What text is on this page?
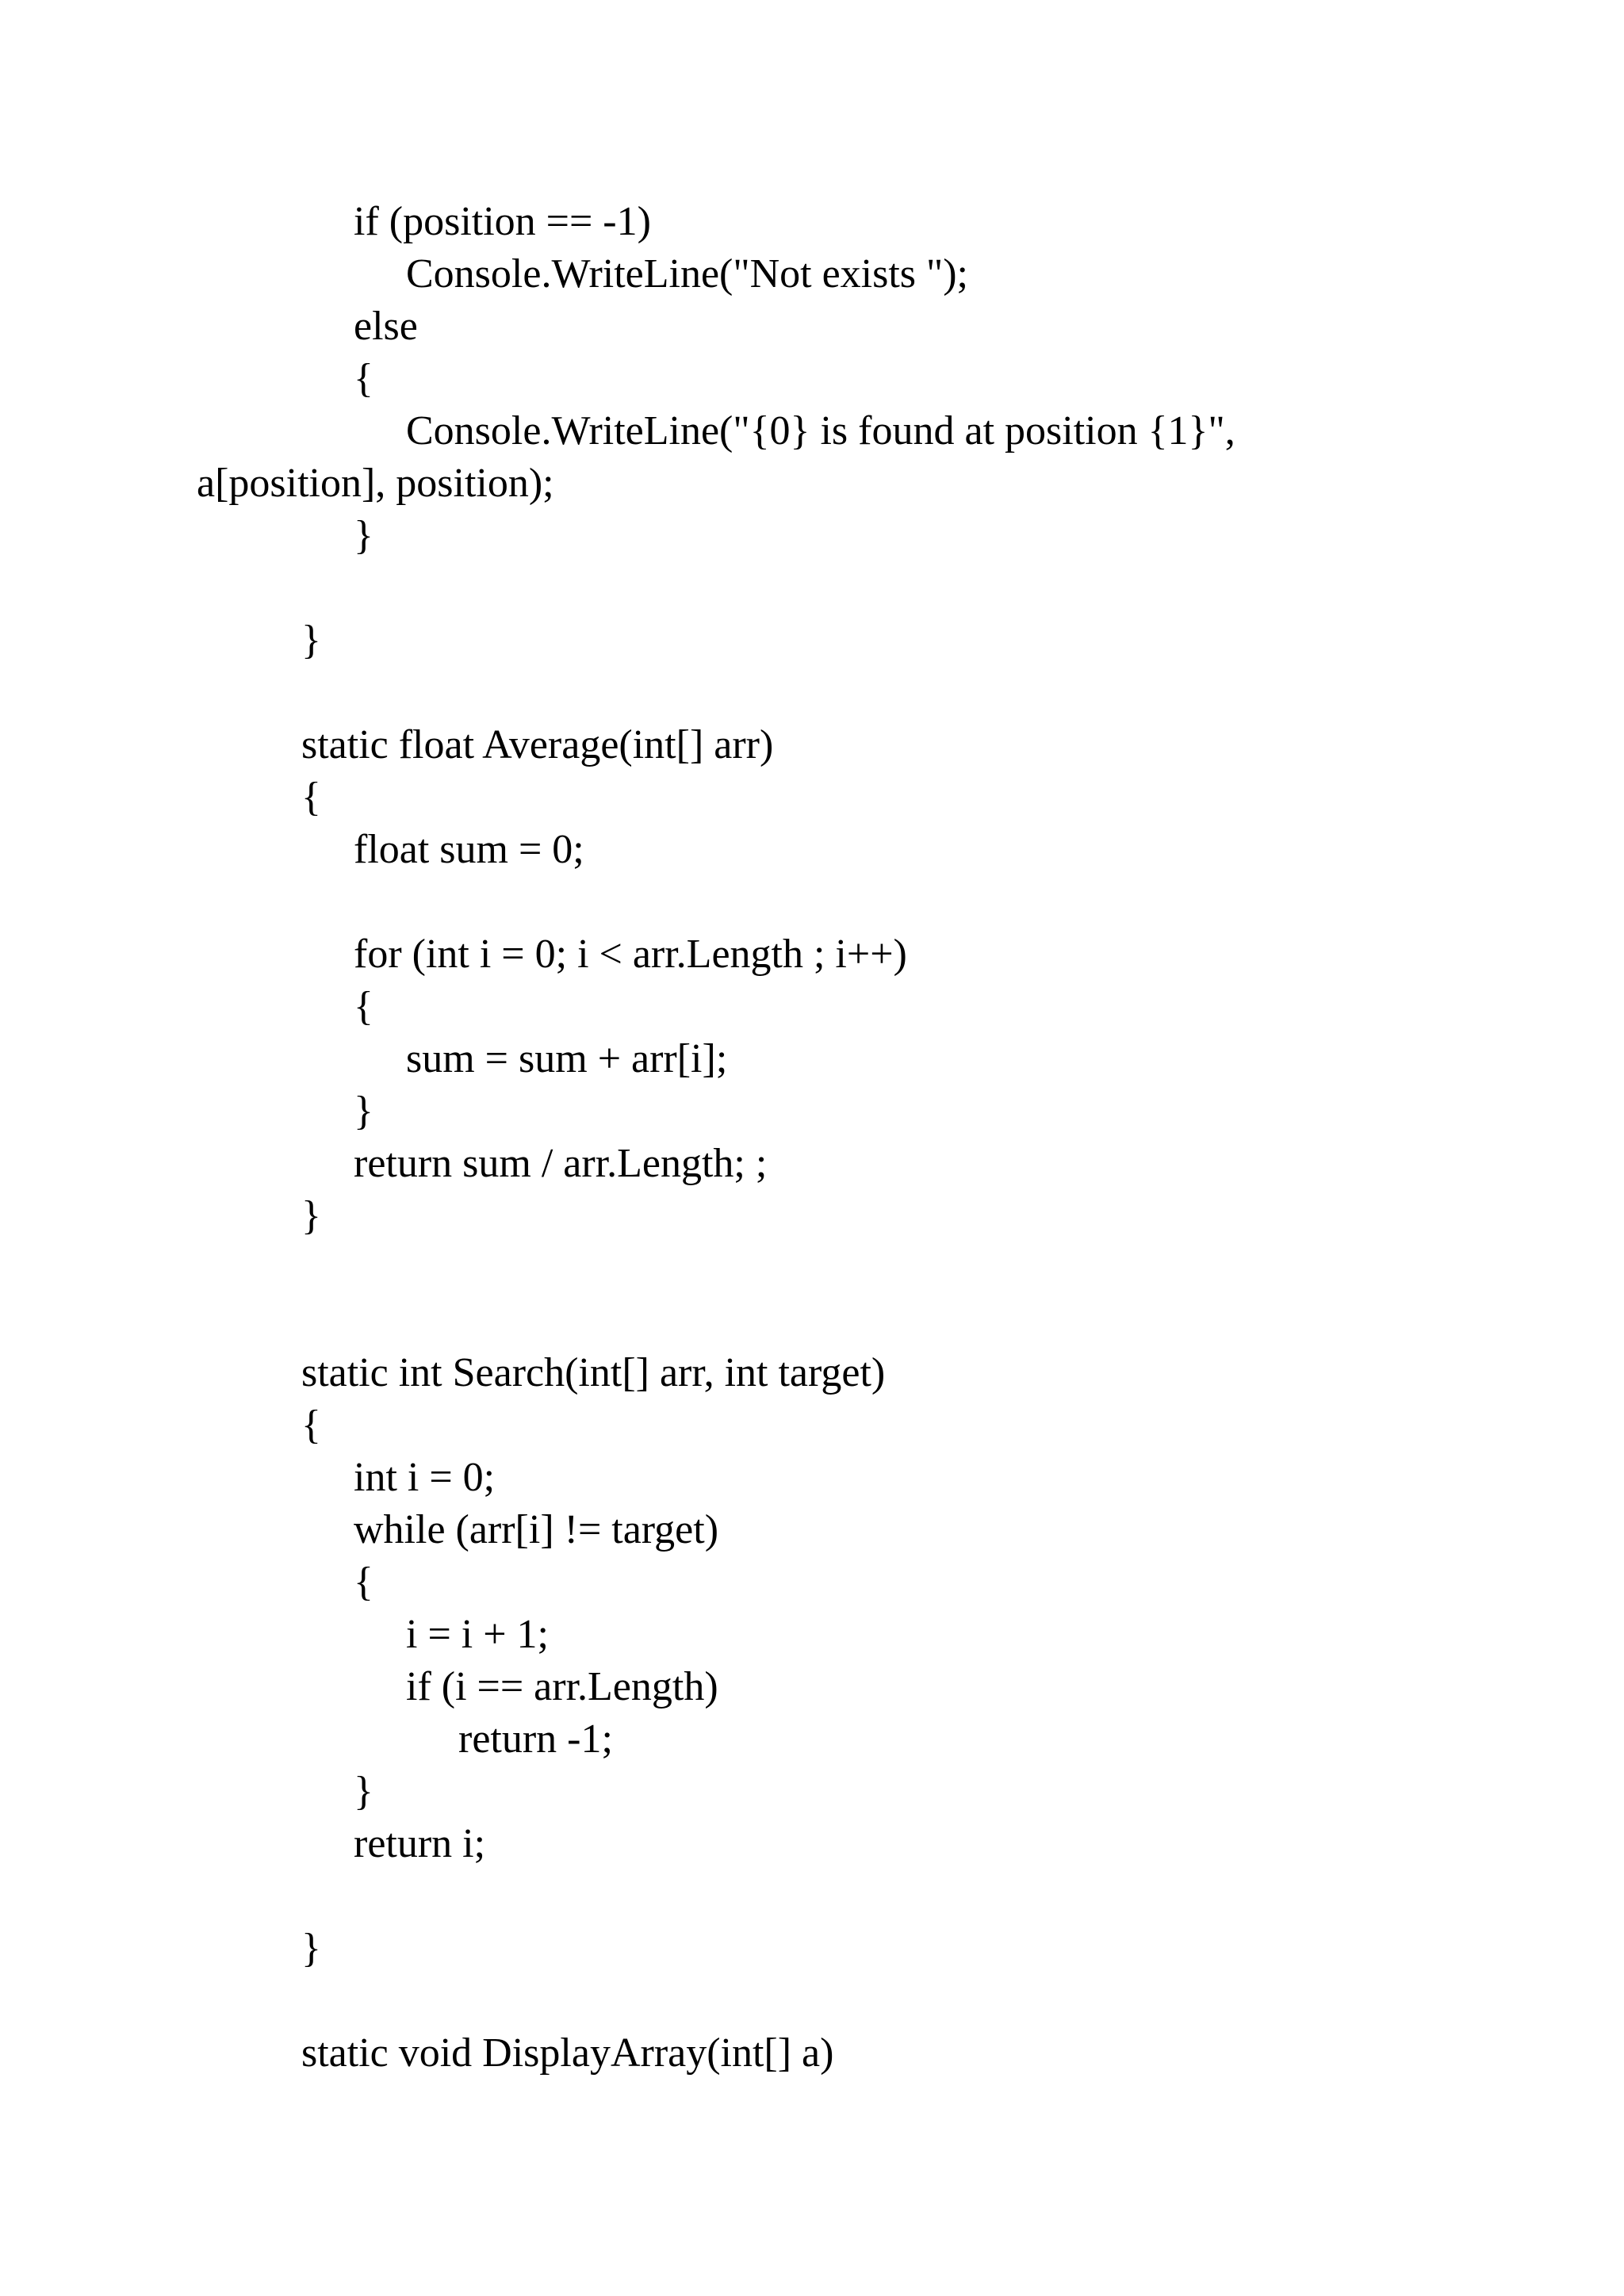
if (position == -1)

Console.WriteLine("Not exists ");

else

{

Console.WriteLine("{0} is found at position {1}",

a[position], position);

}

}

static float Average(int[] arr)

{

float sum = 0;

for (int i = 0; i < arr.Length ; i++)

{

sum = sum + arr[i];

}

return sum / arr.Length; ;

}

static int Search(int[] arr, int target)

{

int i = 0;

while (arr[i] != target)

{

i = i + 1;

if (i == arr.Length)

return -1;

}

return i;

}

static void DisplayArray(int[] a)
